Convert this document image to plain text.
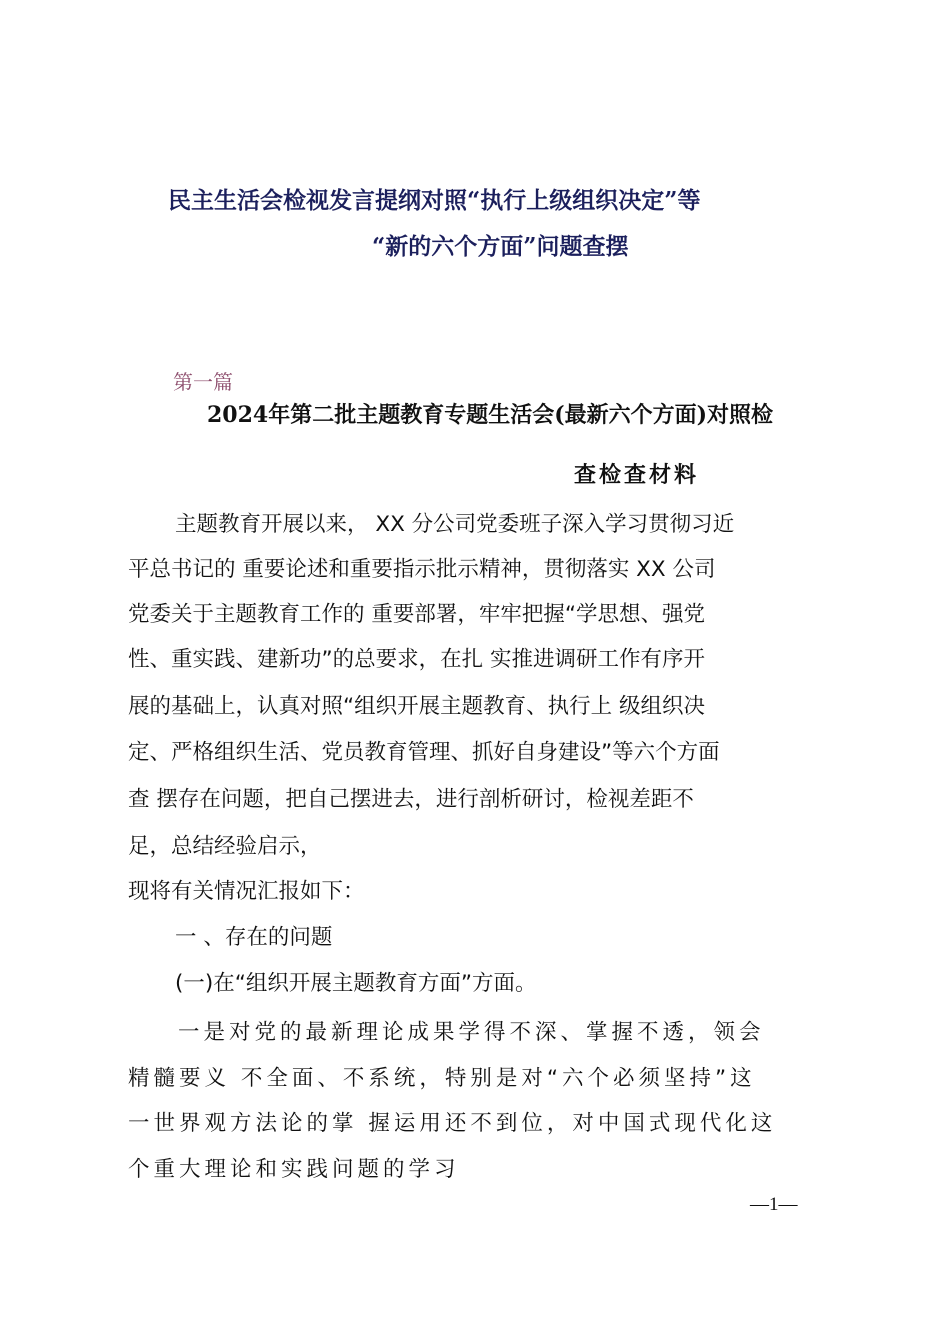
民主生活会检视发言提纲对照“执行上级组织决定”等
“新的六个方面”问题查摆
第一篇
2024年第二批主题教育专题生活会(最新六个方面)对照检
查检查材料
主题教育开展以来， XX 分公司党委班子深入学习贯彻习近
平总书记的 重要论述和重要指示批示精神，贯彻落实 XX 公司
党委关于主题教育工作的 重要部署，牢牢把握“学思想、强党
性、重实践、建新功”的总要求，在扎 实推进调研工作有序开
展的基础上，认真对照“组织开展主题教育、执行上 级组织决
定、严格组织生活、党员教育管理、抓好自身建设”等六个方面
查 摆存在问题，把自己摆进去，进行剖析研讨，检视差距不
足，总结经验启示，
现将有关情况汇报如下：
一 、存在的问题
(一)在“组织开展主题教育方面”方面。
一是对党的最新理论成果学得不深、掌握不透，领会
精髓要义 不全面、不系统，特别是对“六个必须坚持”这
一世界观方法论的掌 握运用还不到位，对中国式现代化这
个重大理论和实践问题的学习
—1—
